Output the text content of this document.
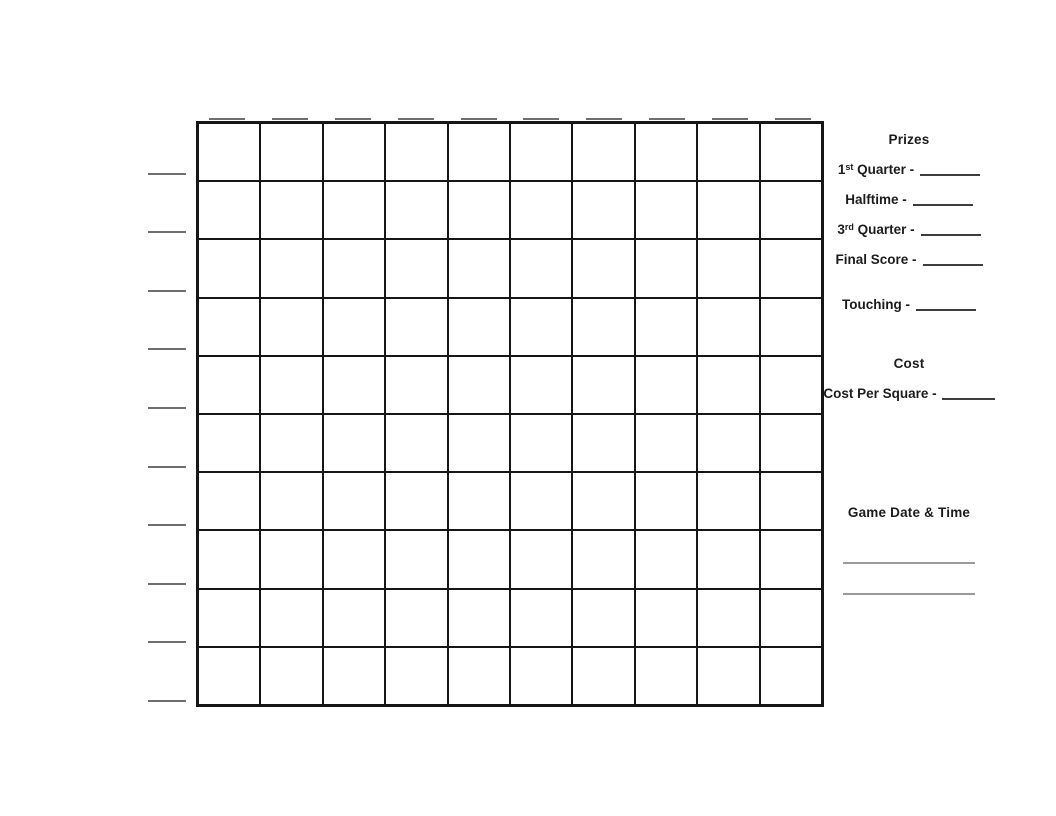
Prizes
1st Quarter -
Halftime -
3rd Quarter -
Final Score -
Touching -
Cost
Cost Per Square -
Game Date & Time
